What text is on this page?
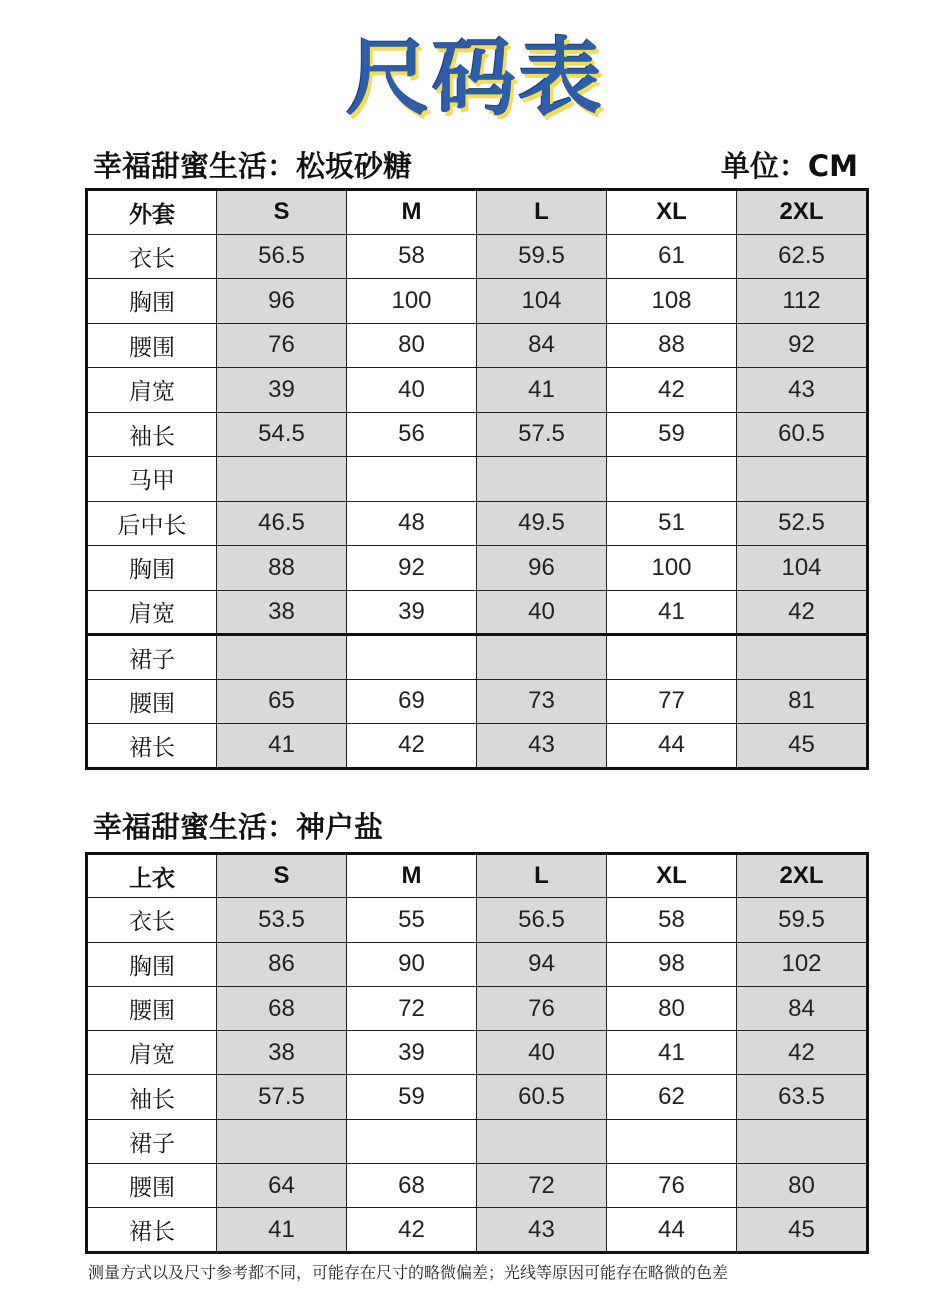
尺码表
幸福甜蜜生活：松坂砂糖	单位：CM
外套	S	M	L	XL	2XL
衣长	56.5	58	59.5	61	62.5
胸围	96	100	104	108	112
腰围	76	80	84	88	92
肩宽	39	40	41	42	43
袖长	54.5	56	57.5	59	60.5
马甲					
后中长	46.5	48	49.5	51	52.5
胸围	88	92	96	100	104
肩宽	38	39	40	41	42
裙子					
腰围	65	69	73	77	81
裙长	41	42	43	44	45
幸福甜蜜生活：神户盐
上衣	S	M	L	XL	2XL
衣长	53.5	55	56.5	58	59.5
胸围	86	90	94	98	102
腰围	68	72	76	80	84
肩宽	38	39	40	41	42
袖长	57.5	59	60.5	62	63.5
裙子					
腰围	64	68	72	76	80
裙长	41	42	43	44	45
测量方式以及尺寸参考都不同，可能存在尺寸的略微偏差；光线等原因可能存在略微的色差
